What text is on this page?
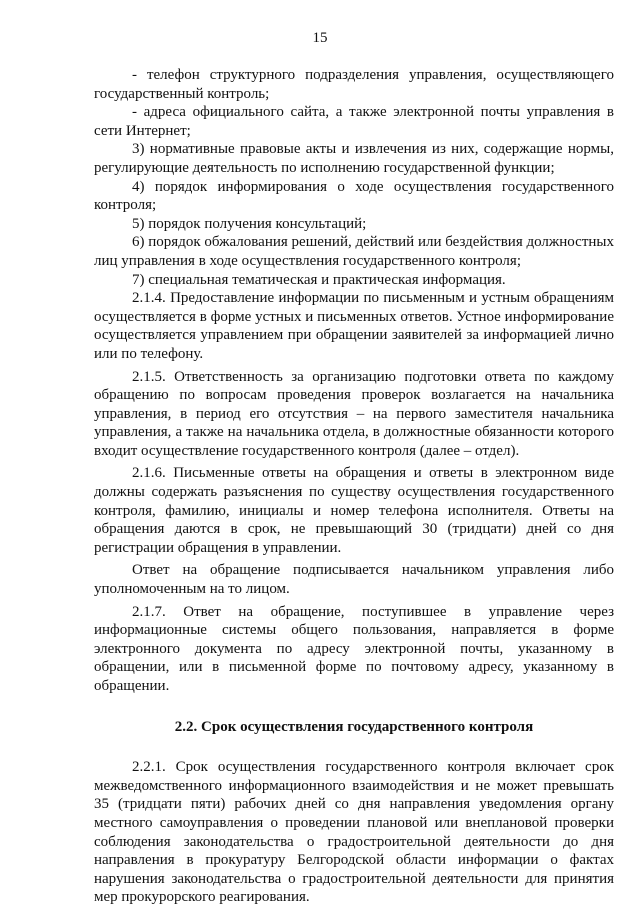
15

- телефон структурного подразделения управления, осуществляющего государственный контроль;

- адреса официального сайта, а также электронной почты управления в сети Интернет;

3) нормативные правовые акты и извлечения из них, содержащие нормы, регулирующие деятельность по исполнению государственной функции;

4) порядок информирования о ходе осуществления государственного контроля;

5) порядок получения консультаций;

6) порядок обжалования решений, действий или бездействия должностных лиц управления в ходе осуществления государственного контроля;

7) специальная тематическая и практическая информация.

2.1.4. Предоставление информации по письменным и устным обращениям осуществляется в форме устных и письменных ответов. Устное информирование осуществляется управлением при обращении заявителей за информацией лично или по телефону.

2.1.5. Ответственность за организацию подготовки ответа по каждому обращению по вопросам проведения проверок возлагается на начальника управления, в период его отсутствия – на первого заместителя начальника управления, а также на начальника отдела, в должностные обязанности которого входит осуществление государственного контроля (далее – отдел).

2.1.6. Письменные ответы на обращения и ответы в электронном виде должны содержать разъяснения по существу осуществления государственного контроля, фамилию, инициалы и номер телефона исполнителя. Ответы на обращения даются в срок, не превышающий 30 (тридцати) дней со дня регистрации обращения в управлении.

Ответ на обращение подписывается начальником управления либо уполномоченным на то лицом.

2.1.7. Ответ на обращение, поступившее в управление через информационные системы общего пользования, направляется в форме электронного документа по адресу электронной почты, указанному в обращении, или в письменной форме по почтовому адресу, указанному в обращении.

2.2. Срок осуществления государственного контроля

2.2.1. Срок осуществления государственного контроля включает срок межведомственного информационного взаимодействия и не может превышать 35 (тридцати пяти) рабочих дней со дня направления уведомления органу местного самоуправления о проведении плановой или внеплановой проверки соблюдения законодательства о градостроительной деятельности до дня направления в прокуратуру Белгородской области информации о фактах нарушения законодательства о градостроительной деятельности для принятия мер прокурорского реагирования.
